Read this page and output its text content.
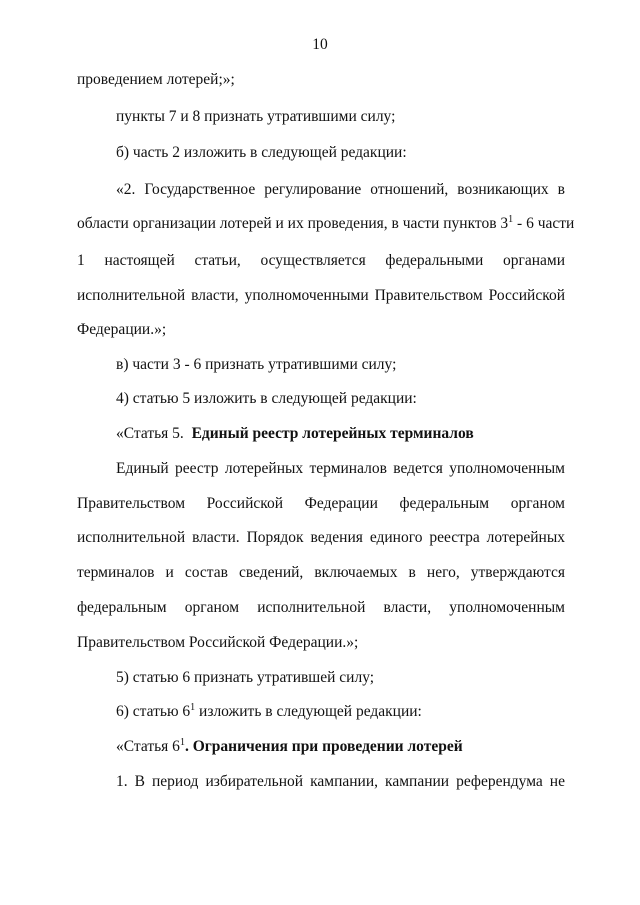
10
проведением лотерей;»;
пункты 7 и 8 признать утратившими силу;
б) часть 2 изложить в следующей редакции:
«2. Государственное регулирование отношений, возникающих в
области организации лотерей и их проведения, в части пунктов $3^1 - 6$ части
1 настоящей статьи, осуществляется федеральными органами
исполнительной власти, уполномоченными Правительством Российской
Федерации.»;
в) части 3 - 6 признать утратившими силу;
4) статью 5 изложить в следующей редакции:
«Статья 5. Единый реестр лотерейных терминалов
Единый реестр лотерейных терминалов ведется уполномоченным
Правительством Российской Федерации федеральным органом
исполнительной власти. Порядок ведения единого реестра лотерейных
терминалов и состав сведений, включаемых в него, утверждаются
федеральным органом исполнительной власти, уполномоченным
Правительством Российской Федерации.»;
5) статью 6 признать утратившей силу;
6) статью $6^1$ изложить в следующей редакции:
«Статья $6^1$. Ограничения при проведении лотерей
1. В период избирательной кампании, кампании референдума не
